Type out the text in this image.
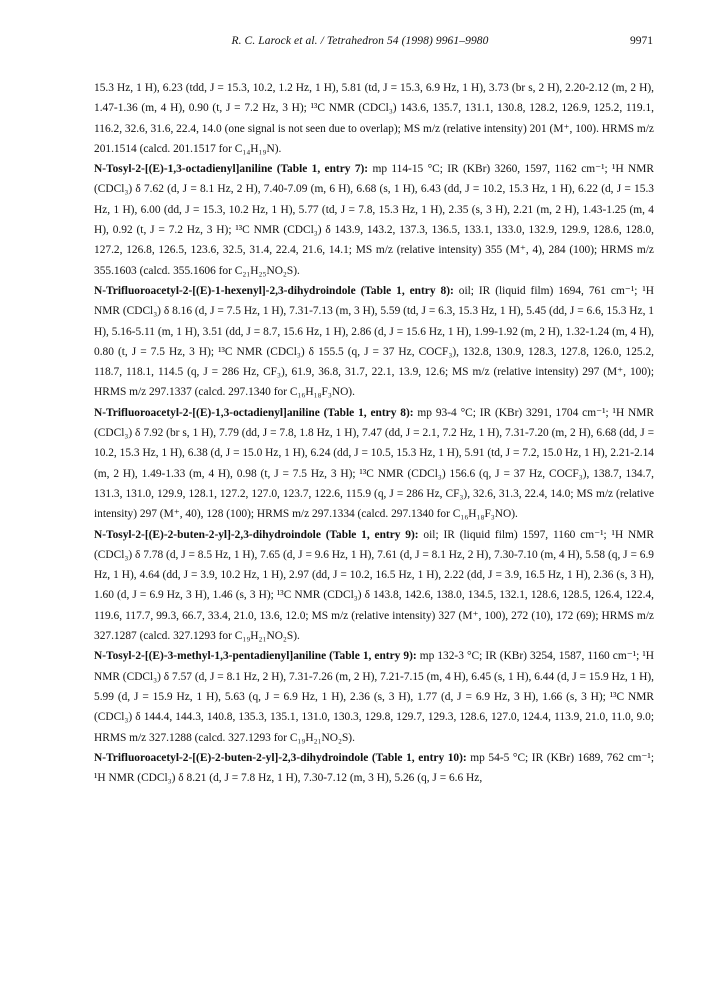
R. C. Larock et al. / Tetrahedron 54 (1998) 9961–9980	9971

15.3 Hz, 1 H), 6.23 (tdd, J = 15.3, 10.2, 1.2 Hz, 1 H), 5.81 (td, J = 15.3, 6.9 Hz, 1 H), 3.73 (br s, 2 H), 2.20-2.12 (m, 2 H), 1.47-1.36 (m, 4 H), 0.90 (t, J = 7.2 Hz, 3 H); ¹³C NMR (CDCl₃) 143.6, 135.7, 131.1, 130.8, 128.2, 126.9, 125.2, 119.1, 116.2, 32.6, 31.6, 22.4, 14.0 (one signal is not seen due to overlap); MS m/z (relative intensity) 201 (M⁺, 100). HRMS m/z 201.1514 (calcd. 201.1517 for C₁₄H₁₉N).

N-Tosyl-2-[(E)-1,3-octadienyl]aniline (Table 1, entry 7): mp 114-15 °C; IR (KBr) 3260, 1597, 1162 cm⁻¹; ¹H NMR (CDCl₃) δ 7.62 (d, J = 8.1 Hz, 2 H), 7.40-7.09 (m, 6 H), 6.68 (s, 1 H), 6.43 (dd, J = 10.2, 15.3 Hz, 1 H), 6.22 (d, J = 15.3 Hz, 1 H), 6.00 (dd, J = 15.3, 10.2 Hz, 1 H), 5.77 (td, J = 7.8, 15.3 Hz, 1 H), 2.35 (s, 3 H), 2.21 (m, 2 H), 1.43-1.25 (m, 4 H), 0.92 (t, J = 7.2 Hz, 3 H); ¹³C NMR (CDCl₃) δ 143.9, 143.2, 137.3, 136.5, 133.1, 133.0, 132.9, 129.9, 128.6, 128.0, 127.2, 126.8, 126.5, 123.6, 32.5, 31.4, 22.4, 21.6, 14.1; MS m/z (relative intensity) 355 (M⁺, 4), 284 (100); HRMS m/z 355.1603 (calcd. 355.1606 for C₂₁H₂₅NO₂S).

N-Trifluoroacetyl-2-[(E)-1-hexenyl]-2,3-dihydroindole (Table 1, entry 8): oil; IR (liquid film) 1694, 761 cm⁻¹; ¹H NMR (CDCl₃) δ 8.16 (d, J = 7.5 Hz, 1 H), 7.31-7.13 (m, 3 H), 5.59 (td, J = 6.3, 15.3 Hz, 1 H), 5.45 (dd, J = 6.6, 15.3 Hz, 1 H), 5.16-5.11 (m, 1 H), 3.51 (dd, J = 8.7, 15.6 Hz, 1 H), 2.86 (d, J = 15.6 Hz, 1 H), 1.99-1.92 (m, 2 H), 1.32-1.24 (m, 4 H), 0.80 (t, J = 7.5 Hz, 3 H); ¹³C NMR (CDCl₃) δ 155.5 (q, J = 37 Hz, COCF₃), 132.8, 130.9, 128.3, 127.8, 126.0, 125.2, 118.7, 118.1, 114.5 (q, J = 286 Hz, CF₃), 61.9, 36.8, 31.7, 22.1, 13.9, 12.6; MS m/z (relative intensity) 297 (M⁺, 100); HRMS m/z 297.1337 (calcd. 297.1340 for C₁₆H₁₈F₃NO).

N-Trifluoroacetyl-2-[(E)-1,3-octadienyl]aniline (Table 1, entry 8): mp 93-4 °C; IR (KBr) 3291, 1704 cm⁻¹; ¹H NMR (CDCl₃) δ 7.92 (br s, 1 H), 7.79 (dd, J = 7.8, 1.8 Hz, 1 H), 7.47 (dd, J = 2.1, 7.2 Hz, 1 H), 7.31-7.20 (m, 2 H), 6.68 (dd, J = 10.2, 15.3 Hz, 1 H), 6.38 (d, J = 15.0 Hz, 1 H), 6.24 (dd, J = 10.5, 15.3 Hz, 1 H), 5.91 (td, J = 7.2, 15.0 Hz, 1 H), 2.21-2.14 (m, 2 H), 1.49-1.33 (m, 4 H), 0.98 (t, J = 7.5 Hz, 3 H); ¹³C NMR (CDCl₃) 156.6 (q, J = 37 Hz, COCF₃), 138.7, 134.7, 131.3, 131.0, 129.9, 128.1, 127.2, 127.0, 123.7, 122.6, 115.9 (q, J = 286 Hz, CF₃), 32.6, 31.3, 22.4, 14.0; MS m/z (relative intensity) 297 (M⁺, 40), 128 (100); HRMS m/z 297.1334 (calcd. 297.1340 for C₁₆H₁₈F₃NO).

N-Tosyl-2-[(E)-2-buten-2-yl]-2,3-dihydroindole (Table 1, entry 9): oil; IR (liquid film) 1597, 1160 cm⁻¹; ¹H NMR (CDCl₃) δ 7.78 (d, J = 8.5 Hz, 1 H), 7.65 (d, J = 9.6 Hz, 1 H), 7.61 (d, J = 8.1 Hz, 2 H), 7.30-7.10 (m, 4 H), 5.58 (q, J = 6.9 Hz, 1 H), 4.64 (dd, J = 3.9, 10.2 Hz, 1 H), 2.97 (dd, J = 10.2, 16.5 Hz, 1 H), 2.22 (dd, J = 3.9, 16.5 Hz, 1 H), 2.36 (s, 3 H), 1.60 (d, J = 6.9 Hz, 3 H), 1.46 (s, 3 H); ¹³C NMR (CDCl₃) δ 143.8, 142.6, 138.0, 134.5, 132.1, 128.6, 128.5, 126.4, 122.4, 119.6, 117.7, 99.3, 66.7, 33.4, 21.0, 13.6, 12.0; MS m/z (relative intensity) 327 (M⁺, 100), 272 (10), 172 (69); HRMS m/z 327.1287 (calcd. 327.1293 for C₁₉H₂₁NO₂S).

N-Tosyl-2-[(E)-3-methyl-1,3-pentadienyl]aniline (Table 1, entry 9): mp 132-3 °C; IR (KBr) 3254, 1587, 1160 cm⁻¹; ¹H NMR (CDCl₃) δ 7.57 (d, J = 8.1 Hz, 2 H), 7.31-7.26 (m, 2 H), 7.21-7.15 (m, 4 H), 6.45 (s, 1 H), 6.44 (d, J = 15.9 Hz, 1 H), 5.99 (d, J = 15.9 Hz, 1 H), 5.63 (q, J = 6.9 Hz, 1 H), 2.36 (s, 3 H), 1.77 (d, J = 6.9 Hz, 3 H), 1.66 (s, 3 H); ¹³C NMR (CDCl₃) δ 144.4, 144.3, 140.8, 135.3, 135.1, 131.0, 130.3, 129.8, 129.7, 129.3, 128.6, 127.0, 124.4, 113.9, 21.0, 11.0, 9.0; HRMS m/z 327.1288 (calcd. 327.1293 for C₁₉H₂₁NO₂S).

N-Trifluoroacetyl-2-[(E)-2-buten-2-yl]-2,3-dihydroindole (Table 1, entry 10): mp 54-5 °C; IR (KBr) 1689, 762 cm⁻¹; ¹H NMR (CDCl₃) δ 8.21 (d, J = 7.8 Hz, 1 H), 7.30-7.12 (m, 3 H), 5.26 (q, J = 6.6 Hz,
